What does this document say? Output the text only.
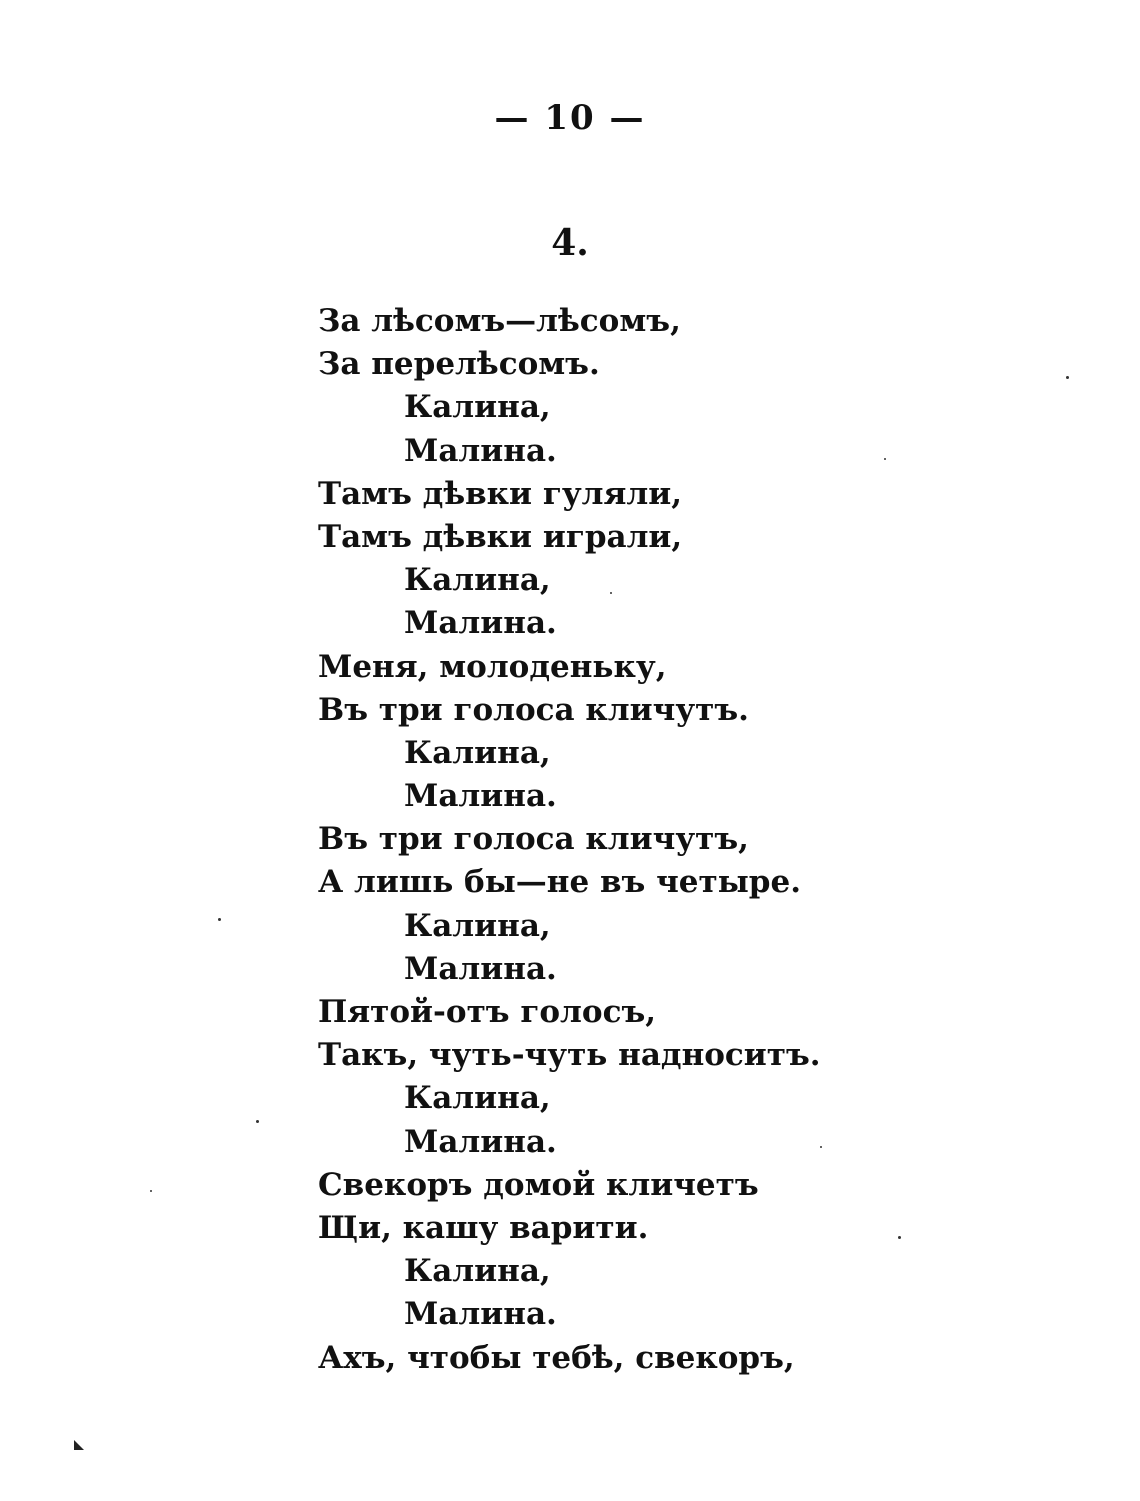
— 10 —
4.
За лѣсомъ—лѣсомъ,
За перелѣсомъ.
Калина,
Малина.
Тамъ дѣвки гуляли,
Тамъ дѣвки играли,
Калина,
Малина.
Меня, молоденьку,
Въ три голоса кличутъ.
Калина,
Малина.
Въ три голоса кличутъ,
А лишь бы—не въ четыре.
Калина,
Малина.
Пятой-отъ голосъ,
Такъ, чуть-чуть надноситъ.
Калина,
Малина.
Свекоръ домой кличетъ
Щи, кашу варити.
Калина,
Малина.
Ахъ, чтобы тебѣ, свекоръ,
